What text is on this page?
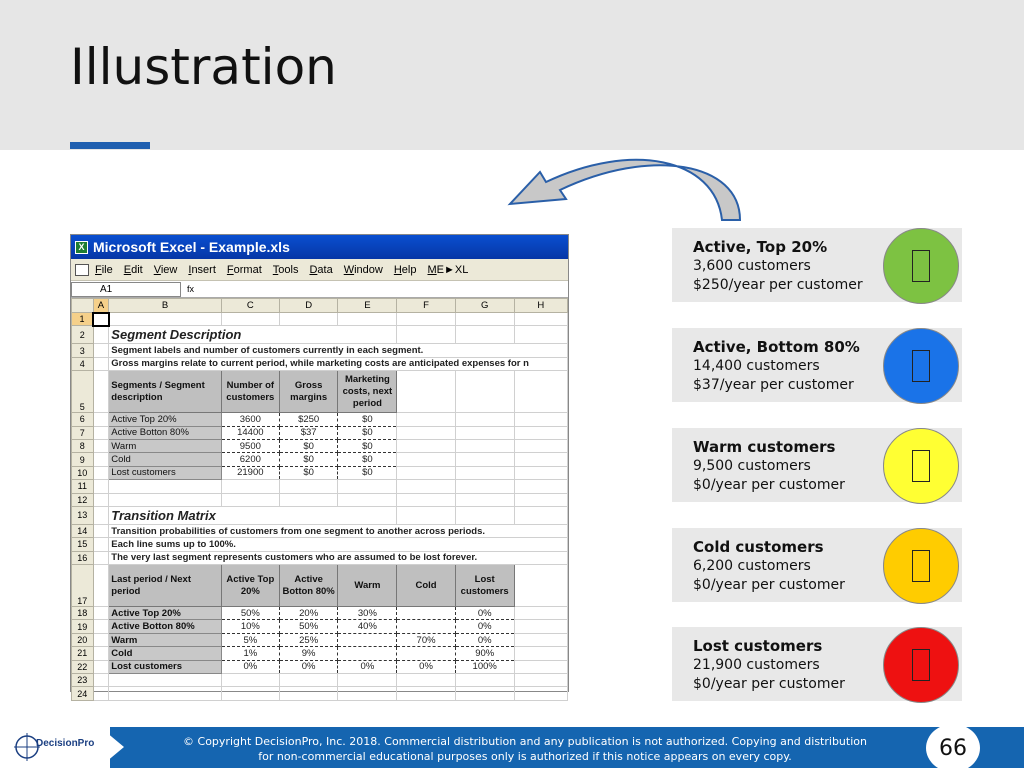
Illustration
X Microsoft Excel - Example.xls
File Edit View Insert Format Tools Data Window Help ME►XL
A1	fx
	A	B	C	D	E	F	G	H
1								
2		Segment Description						
3		Segment labels and number of customers currently in each segment.						
4		Gross margins relate to current period, while marketing costs are anticipated expenses for n						
5		Segments / Segment description	Number of customers	Gross margins	Marketing costs, next period			
6		Active Top 20%	3600	$250	$0			
7		Active Botton 80%	14400	$37	$0			
8		Warm	9500	$0	$0			
9		Cold	6200	$0	$0			
10		Lost customers	21900	$0	$0			
11								
12								
13		Transition Matrix						
14		Transition probabilities of customers from one segment to another across periods.						
15		Each line sums up to 100%.						
16		The very last segment represents customers who are assumed to be lost forever.						
17		Last period / Next period	Active Top 20%	Active Botton 80%	Warm	Cold	Lost customers	
18		Active Top 20%	50%	20%	30%		0%	
19		Active Botton 80%	10%	50%	40%		0%	
20		Warm	5%	25%		70%	0%	
21		Cold	1%	9%			90%	
22		Lost customers	0%	0%	0%	0%	100%	
23								
24								
Active, Top 20%
3,600 customers
$250/year per customer
Active, Bottom 80%
14,400 customers
$37/year per customer
Warm customers
9,500 customers
$0/year per customer
Cold customers
6,200 customers
$0/year per customer
Lost customers
21,900 customers
$0/year per customer
DecisionPro	© Copyright DecisionPro, Inc. 2018. Commercial distribution and any publication is not authorized. Copying and distribution
for non-commercial educational purposes only is authorized if this notice appears on every copy.	66
